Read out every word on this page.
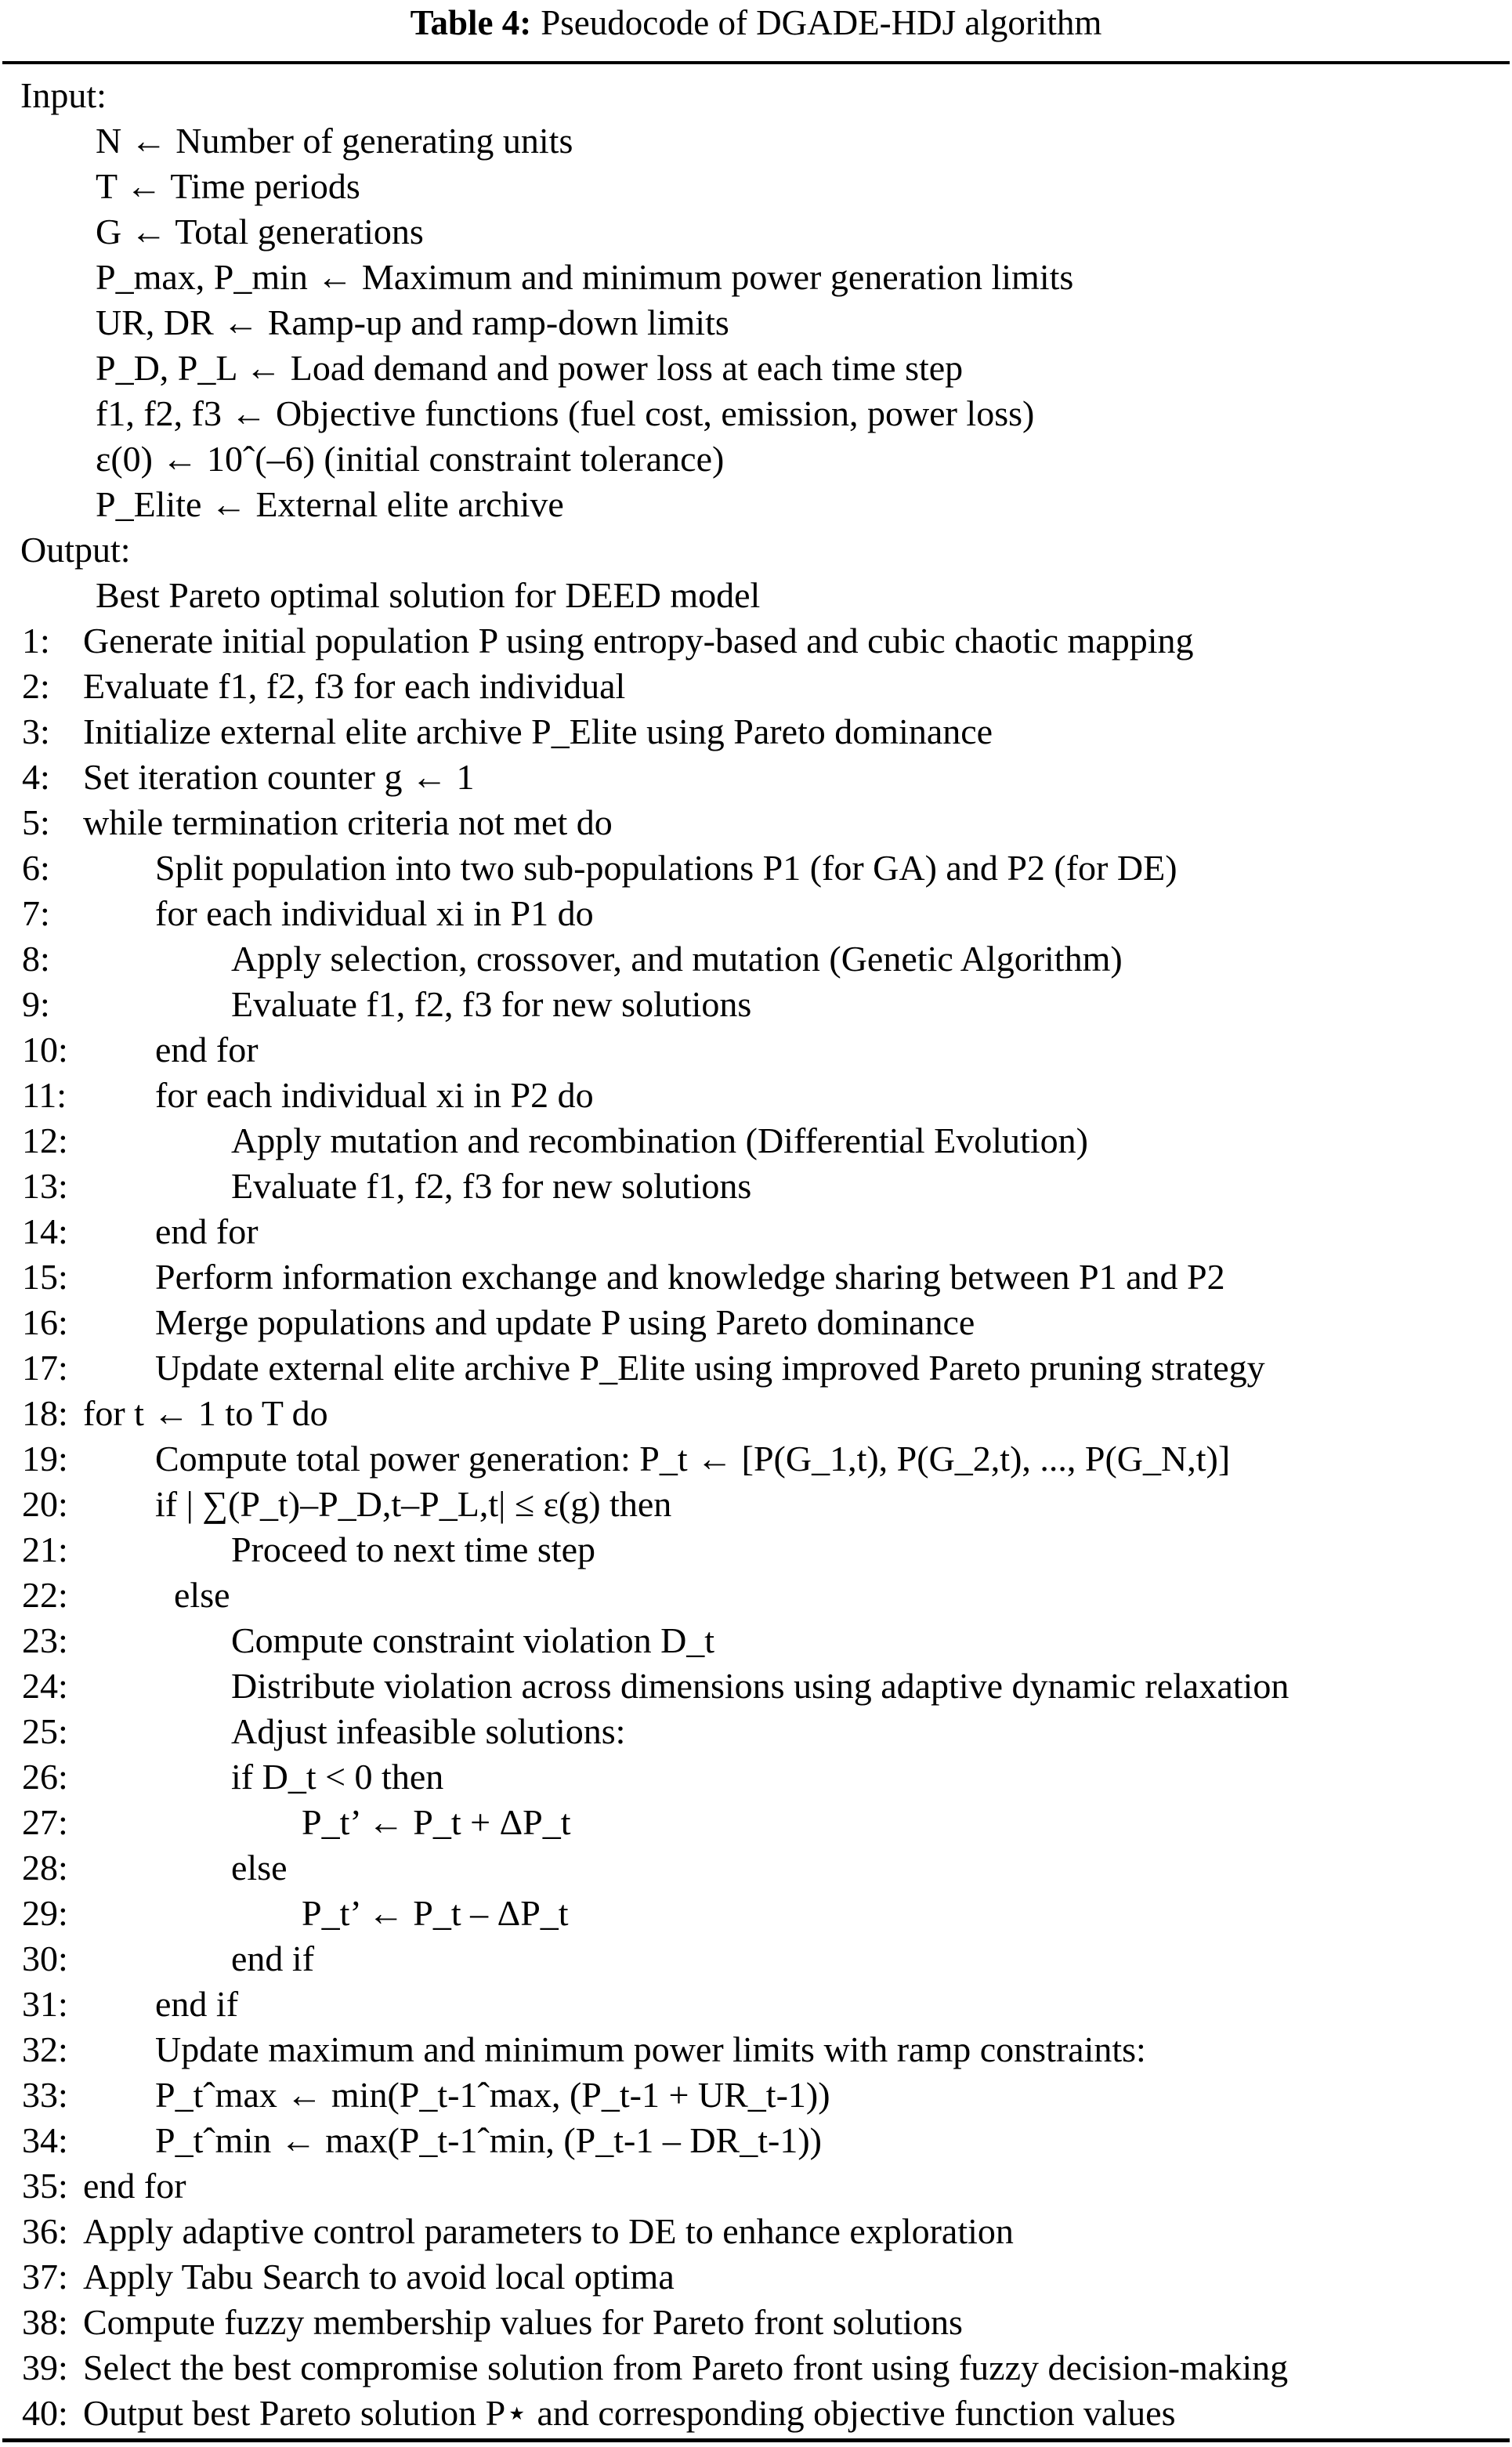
Table 4: Pseudocode of DGADE-HDJ algorithm
Input:
N ← Number of generating units
T ← Time periods
G ← Total generations
P_max, P_min ← Maximum and minimum power generation limits
UR, DR ← Ramp-up and ramp-down limits
P_D, P_L ← Load demand and power loss at each time step
f1, f2, f3 ← Objective functions (fuel cost, emission, power loss)
ε(0) ← 10ˆ(–6) (initial constraint tolerance)
P_Elite ← External elite archive
Output:
Best Pareto optimal solution for DEED model
1: Generate initial population P using entropy-based and cubic chaotic mapping
2: Evaluate f1, f2, f3 for each individual
3: Initialize external elite archive P_Elite using Pareto dominance
4: Set iteration counter g ← 1
5: while termination criteria not met do
6:	Split population into two sub-populations P1 (for GA) and P2 (for DE)
7:	for each individual xi in P1 do
8:	Apply selection, crossover, and mutation (Genetic Algorithm)
9:	Evaluate f1, f2, f3 for new solutions
10:	end for
11:	for each individual xi in P2 do
12:	Apply mutation and recombination (Differential Evolution)
13:	Evaluate f1, f2, f3 for new solutions
14:	end for
15:	Perform information exchange and knowledge sharing between P1 and P2
16:	Merge populations and update P using Pareto dominance
17:	Update external elite archive P_Elite using improved Pareto pruning strategy
18: for t ← 1 to T do
19:	Compute total power generation: P_t ← [P(G_1,t), P(G_2,t), ..., P(G_N,t)]
20:	if | ∑(P_t)–P_D,t–P_L,t| ≤ ε(g) then
21:	Proceed to next time step
22:	else
23:	Compute constraint violation D_t
24:	Distribute violation across dimensions using adaptive dynamic relaxation
25:	Adjust infeasible solutions:
26:	if D_t < 0 then
27:	P_t’ ← P_t + ΔP_t
28:	else
29:	P_t’ ← P_t – ΔP_t
30:	end if
31:	end if
32:	Update maximum and minimum power limits with ramp constraints:
33:	P_tˆmax ← min(P_t-1ˆmax, (P_t-1 + UR_t-1))
34:	P_tˆmin ← max(P_t-1ˆmin, (P_t-1 – DR_t-1))
35: end for
36: Apply adaptive control parameters to DE to enhance exploration
37: Apply Tabu Search to avoid local optima
38: Compute fuzzy membership values for Pareto front solutions
39: Select the best compromise solution from Pareto front using fuzzy decision-making
40: Output best Pareto solution P⋆ and corresponding objective function values
